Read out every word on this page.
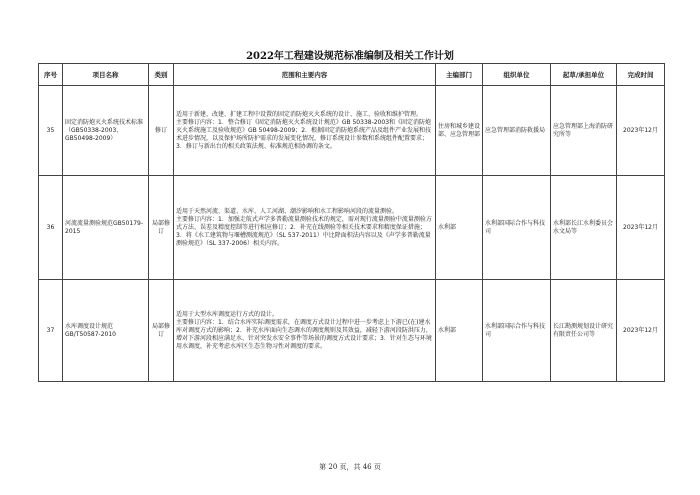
2022年工程建设规范标准编制及相关工作计划
序号	项目名称	类别	范围和主要内容	主编部门	组织单位	起草/承担单位	完成时间
35	固定消防炮灭火系统技术标准（GB50338-2003、GB50498-2009）	修订	适用于新建、改建、扩建工程中设置的固定消防炮灭火系统的设计、施工、验收和维护管理。
主要修订内容：1．整合修订《固定消防炮灭火系统设计规范》GB 50338-2003和《固定消防炮灭火系统施工及验收规范》GB 50498-2009；2．根据固定消防炮系统产品及组件产业发展和技术进步情况，以及保护场所防护需求的发展变化情况，修订系统设计参数和系统组件配置要求；3．修订与新出台的相关政策法规、标准规范相协调的条文。	住房和城乡建设部、应急管理部	应急管理部消防救援局	应急管理部上海消防研究所等	2023年12月
36	河流流量测验规范GB50179-2015	局部修订	适用于天然河流、渠道、水库、人工河湖、潮汐影响和水工程影响河段的流量测验。
主要修订内容：1．加强走航式声学多普勒流量测验技术的规定，需对现行流量测验中流量测验方式方法、误差及精度控制等进行相应修订；2．补充在线测验等相关技术要求和精度保证措施；3．将《水工建筑物与堰槽测流规范》（SL 537-2011）中比降面积法内容以及《声学多普勒流量测验规范》（SL 337-2006）相关内容。	水利部	水利部国际合作与科技司	水利部长江水利委员会水文局等	2023年12月
37	水库调度设计规范GB/T50587-2010	局部修订	适用于大型水库调度运行方式的设计。
主要修订内容：1．结合水库实际调度需求，在调度方式设计过程中进一步考虑上下游已(在)建水库对调度方式的影响；2．补充水库面向生态调水的调度规则及其效益，减轻下游河段防洪压力，增对下游河段相应满足水、针对突发水安全事件等场景的调度方式设计要求；3．针对生态与环境用水调度，补充考虑水库区生态生物习性对调度的要求。	水利部	水利部国际合作与科技司	长江勘测规划设计研究有限责任公司等	2023年12月
第 20 页，共 46 页
